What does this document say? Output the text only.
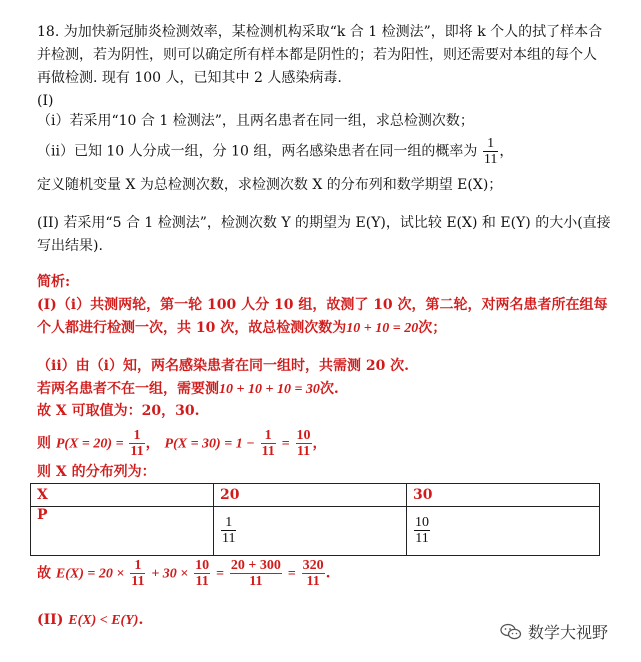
18. 为加快新冠肺炎检测效率，某检测机构采取“k 合 1 检测法”，即将 k 个人的拭了样本合
并检测，若为阴性，则可以确定所有样本都是阴性的；若为阳性，则还需要对本组的每个人
再做检测. 现有 100 人，已知其中 2 人感染病毒.
(I)
（i）若采用“10 合 1 检测法”，且两名患者在同一组，求总检测次数；
（ii）已知 10 人分成一组，分 10 组，两名感染患者在同一组的概率为 $\frac{1}{11}$ ，
定义随机变量 X 为总检测次数，求检测次数 X 的分布列和数学期望 E(X)；
(II) 若采用“5 合 1 检测法”，检测次数 Y 的期望为 E(Y)，试比较 E(X) 和 E(Y) 的大小(直接
写出结果).
简析:
(I)（i）共测两轮，第一轮 100 人分 10 组，故测了 10 次，第二轮，对两名患者所在组每
个人都进行检测一次，共 10 次，故总检测次数为10 + 10 = 20次；
（ii）由（i）知，两名感染患者在同一组时，共需测 20 次.
若两名患者不在一组，需要测10 + 10 + 10 = 30次.
故 X 可取值为：20，30.
则 $P(X = 20) = \frac{1}{11}$ ， $P(X = 30) = 1 - \frac{1}{11} = \frac{10}{11}$ ，
则 X 的分布列为：
X	20	30
P	$\frac{1}{11}$	$\frac{10}{11}$
故 $E(X) = 20 \times \frac{1}{11} + 30 \times \frac{10}{11} = \frac{20 + 300}{11} = \frac{320}{11}$ .
(II) E(X) < E(Y).
数学大视野
